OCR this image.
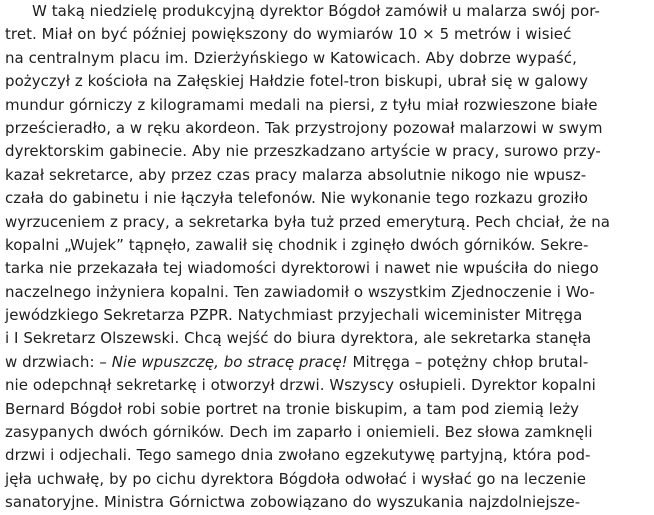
W taką niedzielę produkcyjną dyrektor Bógdoł zamówił u malarza swój por-
tret. Miał on być później powiększony do wymiarów 10 × 5 metrów i wisieć
na centralnym placu im. Dzierżyńskiego w Katowicach. Aby dobrze wypaść,
pożyczył z kościoła na Załęskiej Hałdzie fotel-tron biskupi, ubrał się w galowy
mundur górniczy z kilogramami medali na piersi, z tyłu miał rozwieszone białe
prześcieradło, a w ręku akordeon. Tak przystrojony pozował malarzowi w swym
dyrektorskim gabinecie. Aby nie przeszkadzano artyście w pracy, surowo przy-
kazał sekretarce, aby przez czas pracy malarza absolutnie nikogo nie wpusz-
czała do gabinetu i nie łączyła telefonów. Nie wykonanie tego rozkazu groziło
wyrzuceniem z pracy, a sekretarka była tuż przed emeryturą. Pech chciał, że na
kopalni „Wujek” tąpnęło, zawalił się chodnik i zginęło dwóch górników. Sekre-
tarka nie przekazała tej wiadomości dyrektorowi i nawet nie wpuściła do niego
naczelnego inżyniera kopalni. Ten zawiadomił o wszystkim Zjednoczenie i Wo-
jewódzkiego Sekretarza PZPR. Natychmiast przyjechali wiceminister Mitręga
i I Sekretarz Olszewski. Chcą wejść do biura dyrektora, ale sekretarka stanęła
w drzwiach: – Nie wpuszczę, bo stracę pracę! Mitręga – potężny chłop brutal-
nie odepchnął sekretarkę i otworzył drzwi. Wszyscy osłupieli. Dyrektor kopalni
Bernard Bógdoł robi sobie portret na tronie biskupim, a tam pod ziemią leży
zasypanych dwóch górników. Dech im zaparło i oniemieli. Bez słowa zamknęli
drzwi i odjechali. Tego samego dnia zwołano egzekutywę partyjną, która pod-
jęła uchwałę, by po cichu dyrektora Bógdoła odwołać i wysłać go na leczenie
sanatoryjne. Ministra Górnictwa zobowiązano do wyszukania najzdolniejsze-
